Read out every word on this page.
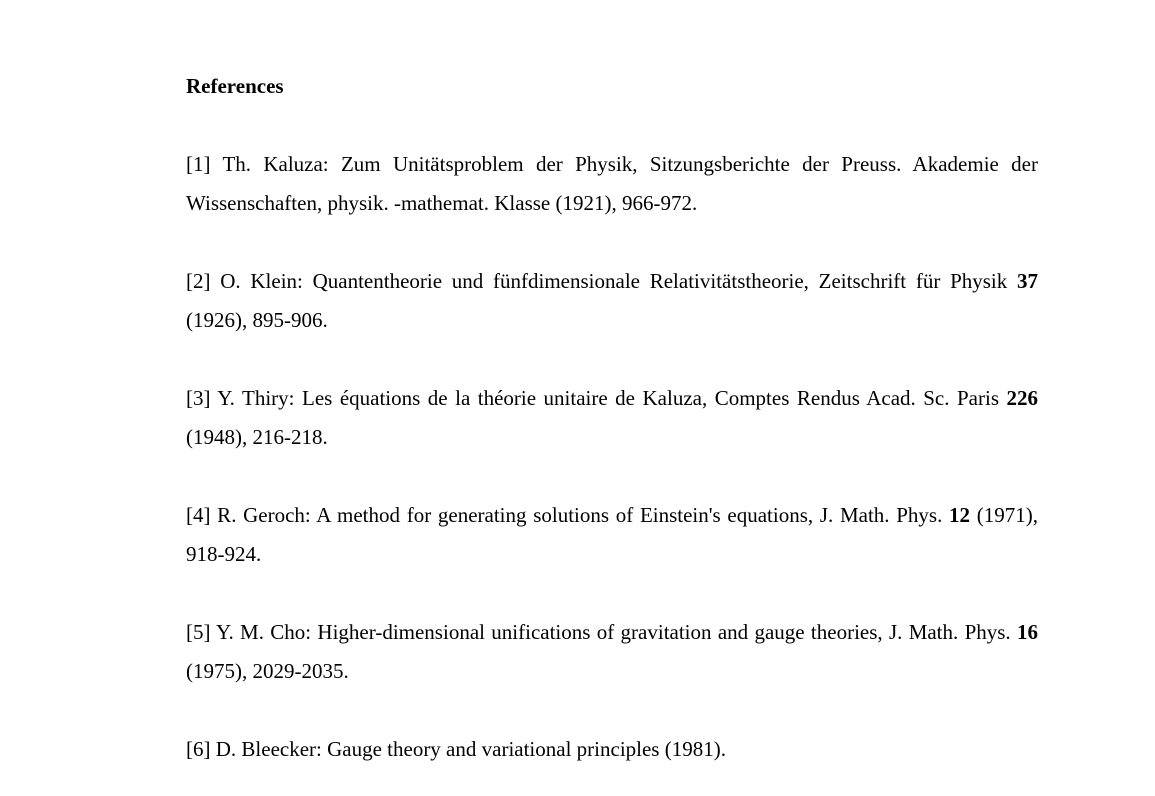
References
[1] Th. Kaluza: Zum Unitätsproblem der Physik, Sitzungsberichte der Preuss. Akademie der Wissenschaften, physik. -mathemat. Klasse (1921), 966-972.
[2] O. Klein: Quantentheorie und fünfdimensionale Relativitätstheorie, Zeitschrift für Physik 37 (1926), 895-906.
[3] Y. Thiry: Les équations de la théorie unitaire de Kaluza, Comptes Rendus Acad. Sc. Paris 226 (1948), 216-218.
[4] R. Geroch: A method for generating solutions of Einstein's equations, J. Math. Phys. 12 (1971), 918-924.
[5] Y. M. Cho: Higher-dimensional unifications of gravitation and gauge theories, J. Math. Phys. 16 (1975), 2029-2035.
[6] D. Bleecker: Gauge theory and variational principles (1981).
